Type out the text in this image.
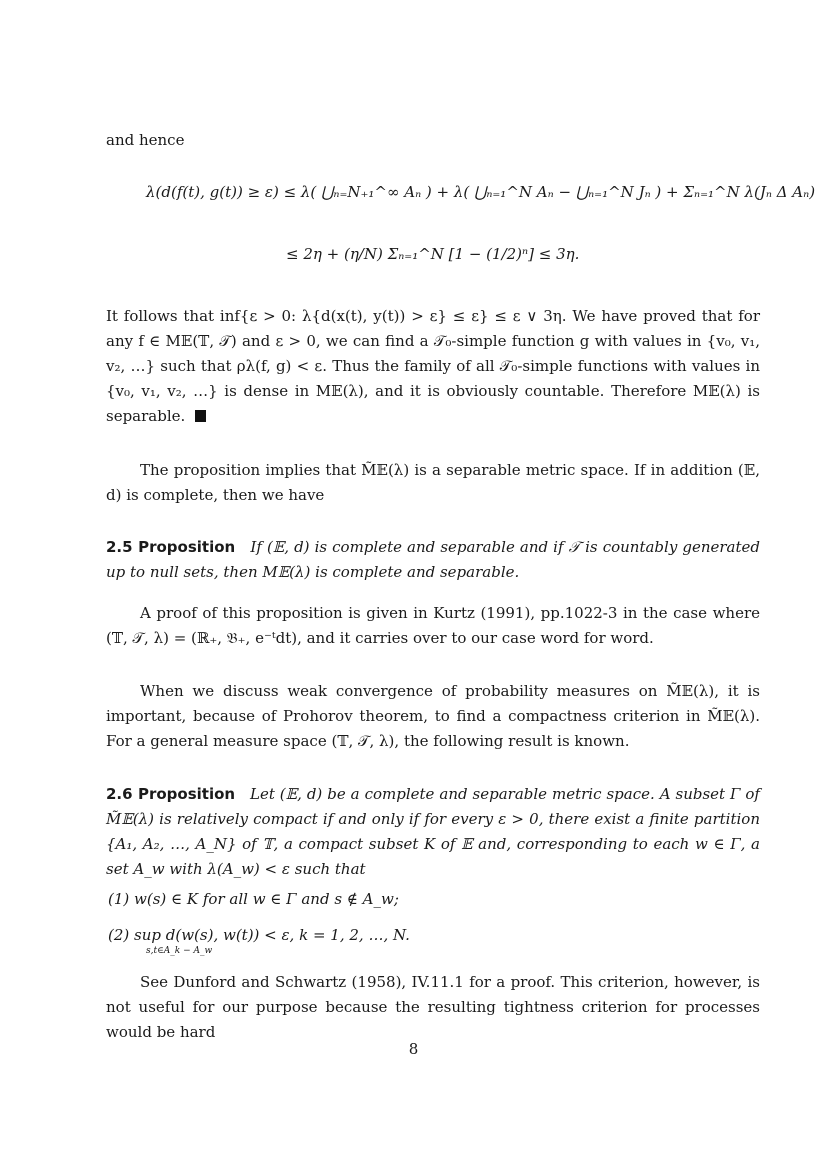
and hence
λ(d(f(t), g(t)) ≥ ε) ≤ λ( ⋃ₙ₌N₊₁^∞ Aₙ ) + λ( ⋃ₙ₌₁^N Aₙ − ⋃ₙ₌₁^N Jₙ ) + Σₙ₌₁^N λ(Jₙ Δ Aₙ)
≤ 2η + (η/N) Σₙ₌₁^N [1 − (1/2)ⁿ] ≤ 3η.
It follows that inf{ε > 0: λ{d(x(t), y(t)) > ε} ≤ ε} ≤ ε ∨ 3η. We have proved that for any f ∈ M𝔼(𝕋, 𝒯) and ε > 0, we can find a 𝒯₀-simple function g with values in {v₀, v₁, v₂, …} such that ρλ(f, g) < ε. Thus the family of all 𝒯₀-simple functions with values in {v₀, v₁, v₂, …} is dense in M𝔼(λ), and it is obviously countable. Therefore M𝔼(λ) is separable.
The proposition implies that M̃𝔼(λ) is a separable metric space. If in addition (𝔼, d) is complete, then we have
2.5 Proposition If (𝔼, d) is complete and separable and if 𝒯 is countably generated up to null sets, then M𝔼(λ) is complete and separable.
A proof of this proposition is given in Kurtz (1991), pp.1022-3 in the case where (𝕋, 𝒯, λ) = (ℝ₊, 𝔅₊, e⁻ᵗdt), and it carries over to our case word for word.
When we discuss weak convergence of probability measures on M̃𝔼(λ), it is important, because of Prohorov theorem, to find a compactness criterion in M̃𝔼(λ). For a general measure space (𝕋, 𝒯, λ), the following result is known.
2.6 Proposition Let (𝔼, d) be a complete and separable metric space. A subset Γ of M̃𝔼(λ) is relatively compact if and only if for every ε > 0, there exist a finite partition {A₁, A₂, …, A_N} of 𝕋, a compact subset K of 𝔼 and, corresponding to each w ∈ Γ, a set A_w with λ(A_w) < ε such that
(1) w(s) ∈ K for all w ∈ Γ and s ∉ A_w;
(2) sup d(w(s), w(t)) < ε, k = 1, 2, …, N.
s,t∈A_k − A_w
See Dunford and Schwartz (1958), IV.11.1 for a proof. This criterion, however, is not useful for our purpose because the resulting tightness criterion for processes would be hard
8
